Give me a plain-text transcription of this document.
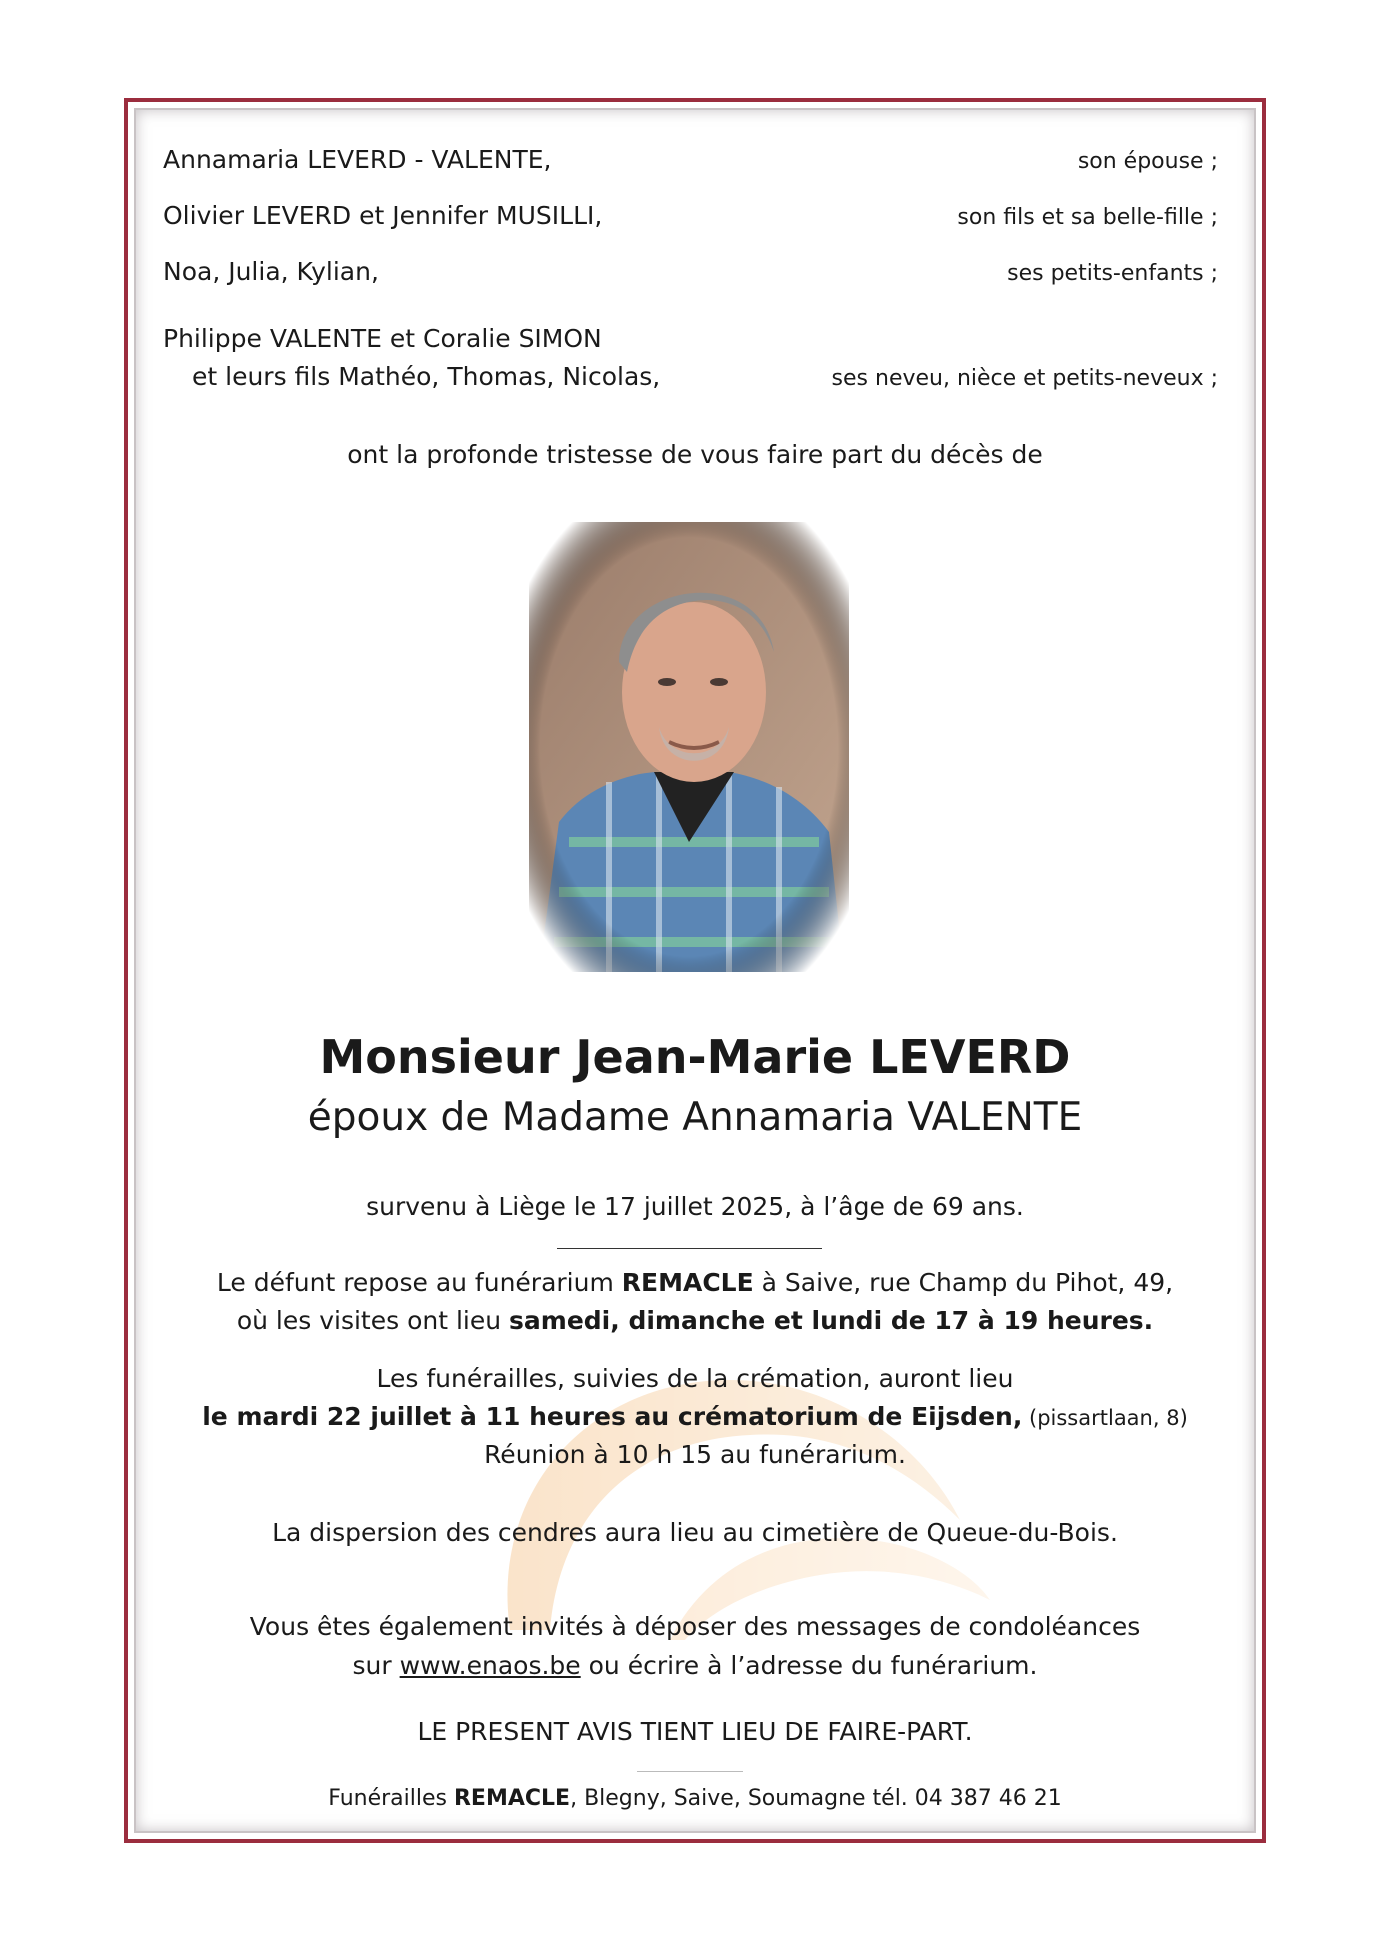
Annamaria LEVERD - VALENTE,	son épouse ;
Olivier LEVERD et Jennifer MUSILLI,	son fils et sa belle-fille ;
Noa, Julia, Kylian,	ses petits-enfants ;
Philippe VALENTE et Coralie SIMON
et leurs fils Mathéo, Thomas, Nicolas,	ses neveu, nièce et petits-neveux ;
ont la profonde tristesse de vous faire part du décès de
Monsieur Jean-Marie LEVERD
époux de Madame Annamaria VALENTE
survenu à Liège le 17 juillet 2025, à l’âge de 69 ans.
Le défunt repose au funérarium REMACLE à Saive, rue Champ du Pihot, 49,
où les visites ont lieu samedi, dimanche et lundi de 17 à 19 heures.
Les funérailles, suivies de la crémation, auront lieu
le mardi 22 juillet à 11 heures au crématorium de Eijsden, (pissartlaan, 8)
Réunion à 10 h 15 au funérarium.
La dispersion des cendres aura lieu au cimetière de Queue-du-Bois.
Vous êtes également invités à déposer des messages de condoléances
sur www.enaos.be ou écrire à l’adresse du funérarium.
LE PRESENT AVIS TIENT LIEU DE FAIRE-PART.
Funérailles REMACLE, Blegny, Saive, Soumagne tél. 04 387 46 21
